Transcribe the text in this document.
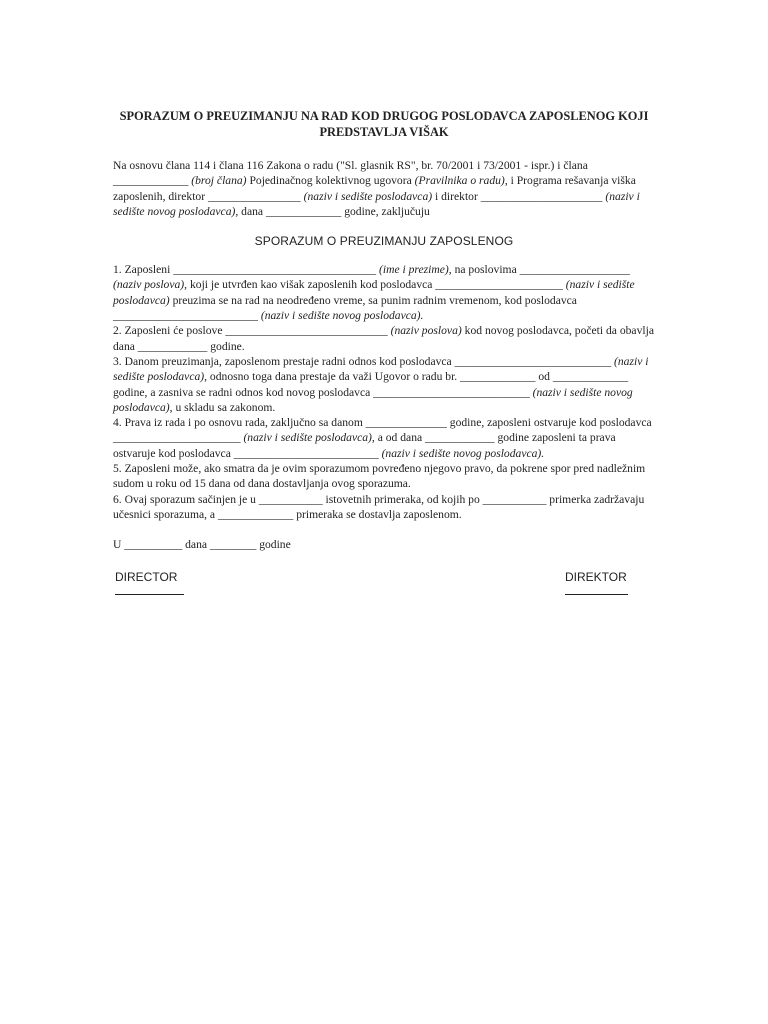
SPORAZUM O PREUZIMANJU NA RAD KOD DRUGOG POSLODAVCA ZAPOSLENOG KOJI PREDSTAVLJA VIŠAK

Na osnovu člana 114 i člana 116 Zakona o radu ("Sl. glasnik RS", br. 70/2001 i 73/2001 - ispr.) i člana _____________ (broj člana) Pojedinačnog kolektivnog ugovora (Pravilnika o radu), i Programa rešavanja viška zaposlenih, direktor ________________ (naziv i sedište poslodavca) i direktor _____________________ (naziv i sedište novog poslodavca), dana _____________ godine, zaključuju

SPORAZUM O PREUZIMANJU ZAPOSLENOG

1. Zaposleni ___________________________________ (ime i prezime), na poslovima ___________________ (naziv poslova), koji je utvrđen kao višak zaposlenih kod poslodavca ______________________ (naziv i sedište poslodavca) preuzima se na rad na neodređeno vreme, sa punim radnim vremenom, kod poslodavca _________________________ (naziv i sedište novog poslodavca).

2. Zaposleni će poslove ____________________________ (naziv poslova) kod novog poslodavca, početi da obavlja dana ____________ godine.

3. Danom preuzimanja, zaposlenom prestaje radni odnos kod poslodavca ___________________________ (naziv i sedište poslodavca), odnosno toga dana prestaje da važi Ugovor o radu br. _____________ od _____________ godine, a zasniva se radni odnos kod novog poslodavca ___________________________ (naziv i sedište novog poslodavca), u skladu sa zakonom.

4. Prava iz rada i po osnovu rada, zaključno sa danom ______________ godine, zaposleni ostvaruje kod poslodavca ______________________ (naziv i sedište poslodavca), a od dana ____________ godine zaposleni ta prava ostvaruje kod poslodavca _________________________ (naziv i sedište novog poslodavca).

5. Zaposleni može, ako smatra da je ovim sporazumom povređeno njegovo pravo, da pokrene spor pred nadležnim sudom u roku od 15 dana od dana dostavljanja ovog sporazuma.

6. Ovaj sporazum sačinjen je u ___________ istovetnih primeraka, od kojih po ___________ primerka zadržavaju učesnici sporazuma, a _____________ primeraka se dostavlja zaposlenom.

U __________ dana ________ godine

DIRECTOR	DIREKTOR
